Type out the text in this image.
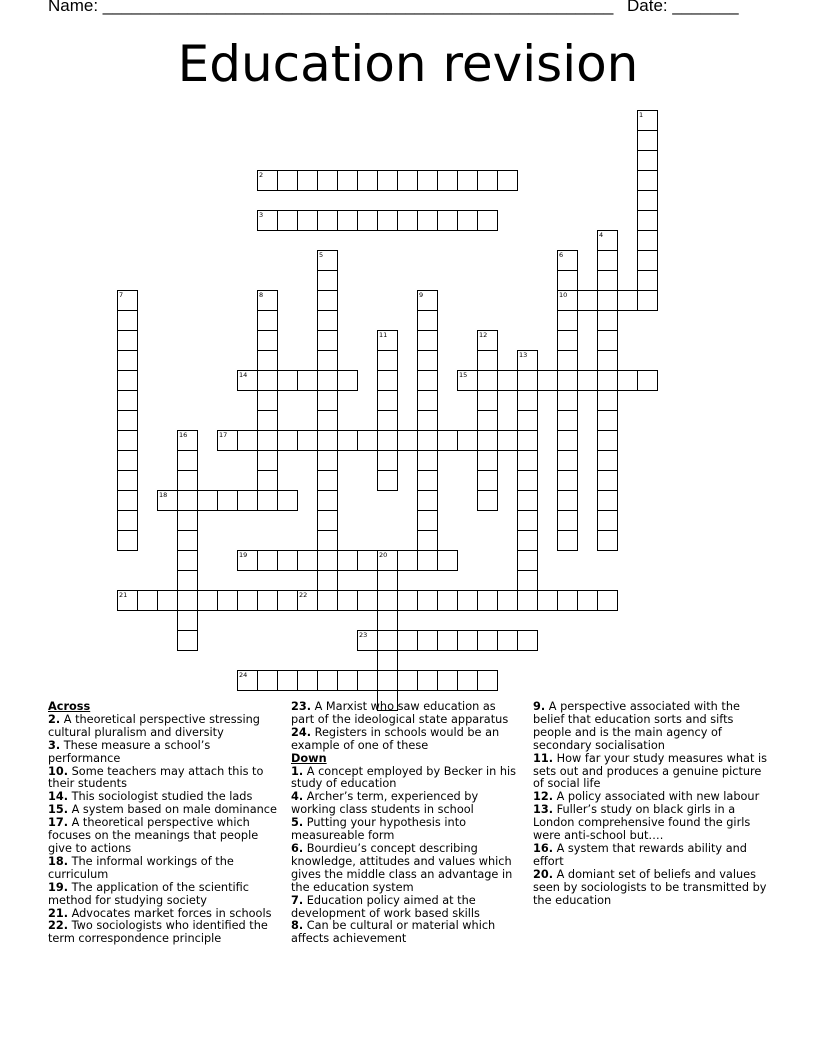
Name: ______________________________________________________ Date: _______
Education revision
1
2
3
4
5	6
10
7	8	9
11	12
13
14	15
16	17
18
19	20
21	22
23
24

Across

2. A theoretical perspective stressing cultural pluralism and diversity

3. These measure a school’s performance

10. Some teachers may attach this to their students

14. This sociologist studied the lads

15. A system based on male dominance

17. A theoretical perspective which focuses on the meanings that people give to actions

18. The informal workings of the curriculum

19. The application of the scientific method for studying society

21. Advocates market forces in schools

22. Two sociologists who identified the term correspondence principle

23. A Marxist who saw education as part of the ideological state apparatus

24. Registers in schools would be an example of one of these

Down

1. A concept employed by Becker in his study of education

4. Archer’s term, experienced by working class students in school

5. Putting your hypothesis into measureable form

6. Bourdieu’s concept describing knowledge, attitudes and values which gives the middle class an advantage in the education system

7. Education policy aimed at the development of work based skills

8. Can be cultural or material which affects achievement

9. A perspective associated with the belief that education sorts and sifts people and is the main agency of secondary socialisation

11. How far your study measures what is sets out and produces a genuine picture of social life

12. A policy associated with new labour

13. Fuller’s study on black girls in a London comprehensive found the girls were anti-school but….

16. A system that rewards ability and effort

20. A domiant set of beliefs and values seen by sociologists to be transmitted by the education
